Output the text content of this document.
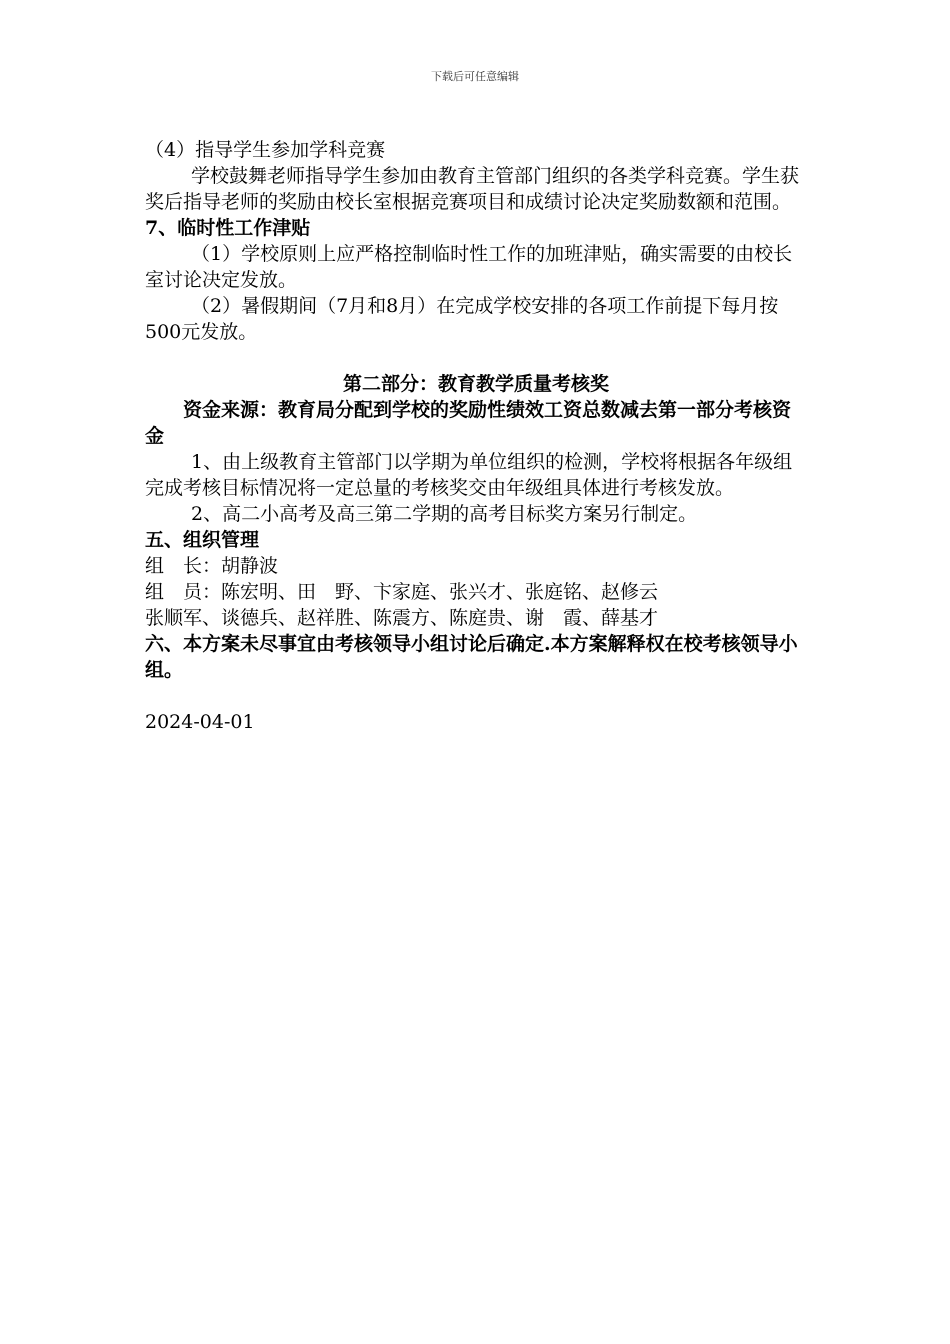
下载后可任意编辑

（4）指导学生参加学科竞赛

学校鼓舞老师指导学生参加由教育主管部门组织的各类学科竞赛。学生获奖后指导老师的奖励由校长室根据竞赛项目和成绩讨论决定奖励数额和范围。

7、临时性工作津贴

（1）学校原则上应严格控制临时性工作的加班津贴，确实需要的由校长室讨论决定发放。

（2）暑假期间（7月和8月）在完成学校安排的各项工作前提下每月按500元发放。

第二部分：教育教学质量考核奖

资金来源：教育局分配到学校的奖励性绩效工资总数减去第一部分考核资金

1、由上级教育主管部门以学期为单位组织的检测，学校将根据各年级组完成考核目标情况将一定总量的考核奖交由年级组具体进行考核发放。

2、高二小高考及高三第二学期的高考目标奖方案另行制定。

五、组织管理

组　长：胡静波

组　员：陈宏明、田　野、卞家庭、张兴才、张庭铭、赵修云

张顺军、谈德兵、赵祥胜、陈震方、陈庭贵、谢　霞、薛基才

六、本方案未尽事宜由考核领导小组讨论后确定.本方案解释权在校考核领导小组。

2024-04-01
